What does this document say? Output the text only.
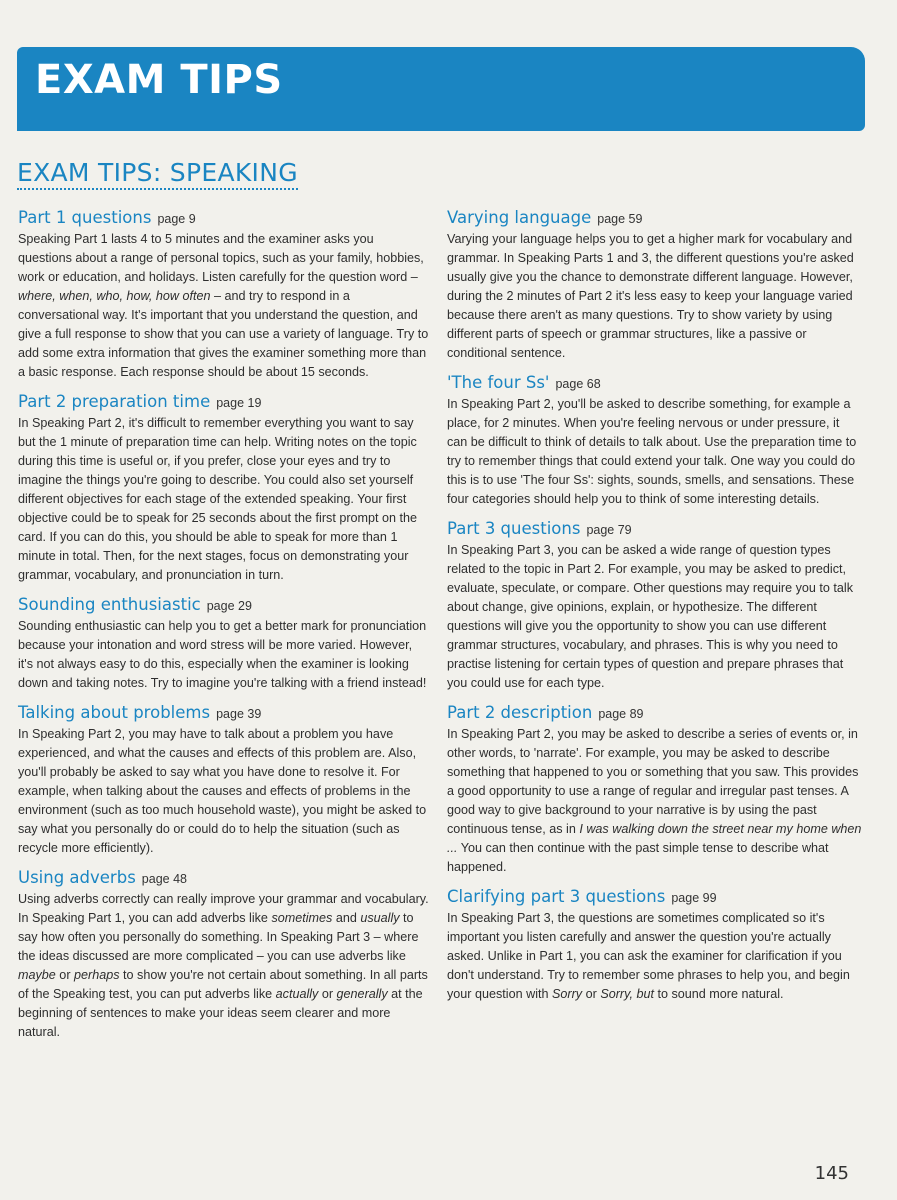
EXAM TIPS
EXAM TIPS: SPEAKING
Part 1 questions page 9

Speaking Part 1 lasts 4 to 5 minutes and the examiner asks you questions about a range of personal topics, such as your family, hobbies, work or education, and holidays. Listen carefully for the question word – where, when, who, how, how often – and try to respond in a conversational way. It's important that you understand the question, and give a full response to show that you can use a variety of language. Try to add some extra information that gives the examiner something more than a basic response. Each response should be about 15 seconds.

Part 2 preparation time page 19

In Speaking Part 2, it's difficult to remember everything you want to say but the 1 minute of preparation time can help. Writing notes on the topic during this time is useful or, if you prefer, close your eyes and try to imagine the things you're going to describe. You could also set yourself different objectives for each stage of the extended speaking. Your first objective could be to speak for 25 seconds about the first prompt on the card. If you can do this, you should be able to speak for more than 1 minute in total. Then, for the next stages, focus on demonstrating your grammar, vocabulary, and pronunciation in turn.

Sounding enthusiastic page 29

Sounding enthusiastic can help you to get a better mark for pronunciation because your intonation and word stress will be more varied. However, it's not always easy to do this, especially when the examiner is looking down and taking notes. Try to imagine you're talking with a friend instead!

Talking about problems page 39

In Speaking Part 2, you may have to talk about a problem you have experienced, and what the causes and effects of this problem are. Also, you'll probably be asked to say what you have done to resolve it. For example, when talking about the causes and effects of problems in the environment (such as too much household waste), you might be asked to say what you personally do or could do to help the situation (such as recycle more efficiently).

Using adverbs page 48

Using adverbs correctly can really improve your grammar and vocabulary. In Speaking Part 1, you can add adverbs like sometimes and usually to say how often you personally do something. In Speaking Part 3 – where the ideas discussed are more complicated – you can use adverbs like maybe or perhaps to show you're not certain about something. In all parts of the Speaking test, you can put adverbs like actually or generally at the beginning of sentences to make your ideas seem clearer and more natural.

Varying language page 59

Varying your language helps you to get a higher mark for vocabulary and grammar. In Speaking Parts 1 and 3, the different questions you're asked usually give you the chance to demonstrate different language. However, during the 2 minutes of Part 2 it's less easy to keep your language varied because there aren't as many questions. Try to show variety by using different parts of speech or grammar structures, like a passive or conditional sentence.

'The four Ss' page 68

In Speaking Part 2, you'll be asked to describe something, for example a place, for 2 minutes. When you're feeling nervous or under pressure, it can be difficult to think of details to talk about. Use the preparation time to try to remember things that could extend your talk. One way you could do this is to use 'The four Ss': sights, sounds, smells, and sensations. These four categories should help you to think of some interesting details.

Part 3 questions page 79

In Speaking Part 3, you can be asked a wide range of question types related to the topic in Part 2. For example, you may be asked to predict, evaluate, speculate, or compare. Other questions may require you to talk about change, give opinions, explain, or hypothesize. The different questions will give you the opportunity to show you can use different grammar structures, vocabulary, and phrases. This is why you need to practise listening for certain types of question and prepare phrases that you could use for each type.

Part 2 description page 89

In Speaking Part 2, you may be asked to describe a series of events or, in other words, to 'narrate'. For example, you may be asked to describe something that happened to you or something that you saw. This provides a good opportunity to use a range of regular and irregular past tenses. A good way to give background to your narrative is by using the past continuous tense, as in I was walking down the street near my home when ... You can then continue with the past simple tense to describe what happened.

Clarifying part 3 questions page 99

In Speaking Part 3, the questions are sometimes complicated so it's important you listen carefully and answer the question you're actually asked. Unlike in Part 1, you can ask the examiner for clarification if you don't understand. Try to remember some phrases to help you, and begin your question with Sorry or Sorry, but to sound more natural.

145
